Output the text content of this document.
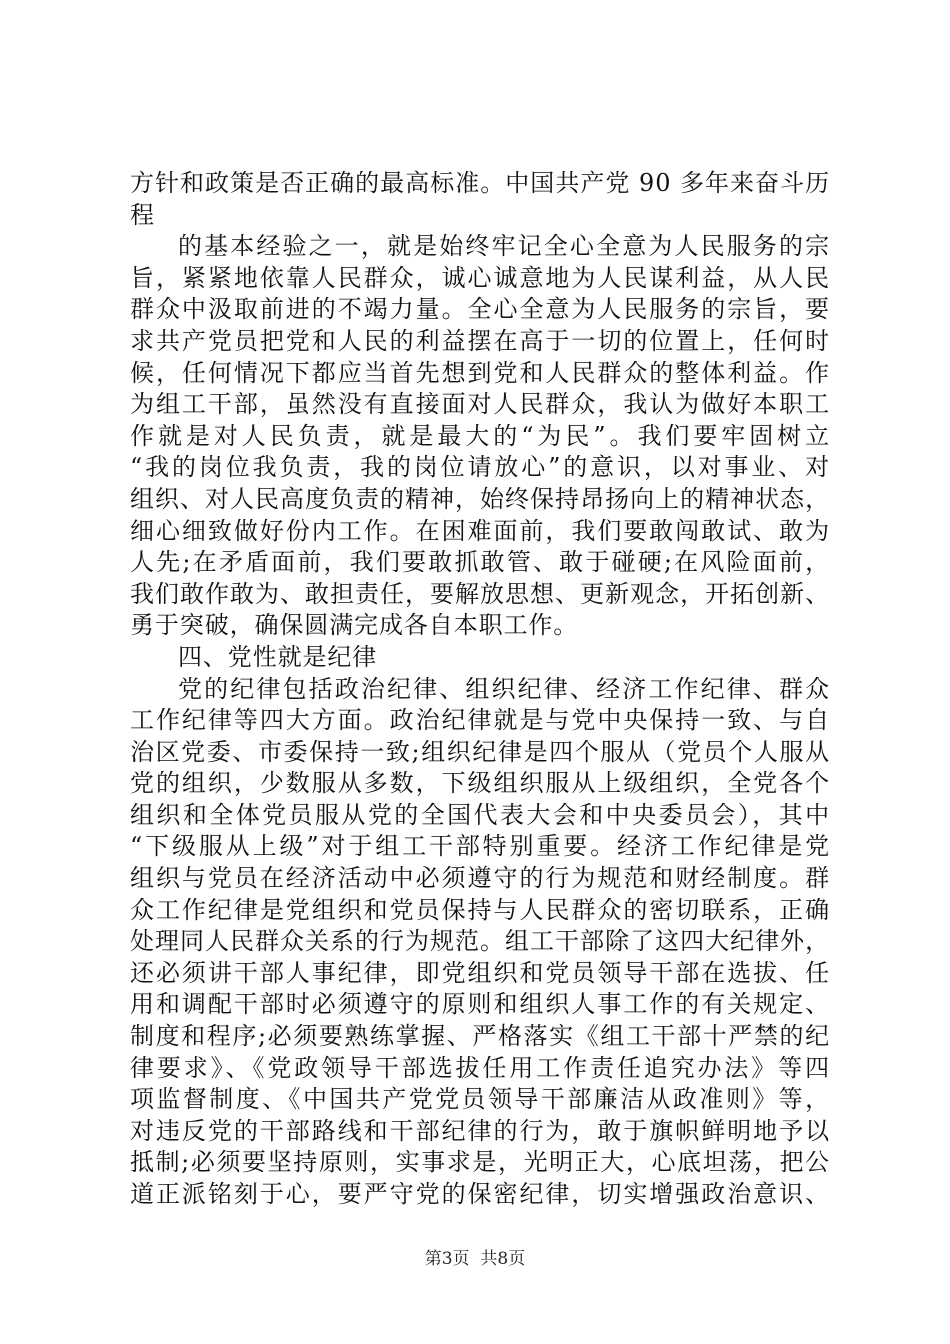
方针和政策是否正确的最高标准。中国共产党 90 多年来奋斗历
程
的基本经验之一，就是始终牢记全心全意为人民服务的宗
旨，紧紧地依靠人民群众，诚心诚意地为人民谋利益，从人民
群众中汲取前进的不竭力量。全心全意为人民服务的宗旨，要
求共产党员把党和人民的利益摆在高于一切的位置上，任何时
候，任何情况下都应当首先想到党和人民群众的整体利益。作
为组工干部，虽然没有直接面对人民群众，我认为做好本职工
作就是对人民负责，就是最大的“为民”。我们要牢固树立
“我的岗位我负责，我的岗位请放心”的意识，以对事业、对
组织、对人民高度负责的精神，始终保持昂扬向上的精神状态，
细心细致做好份内工作。在困难面前，我们要敢闯敢试、敢为
人先;在矛盾面前，我们要敢抓敢管、敢于碰硬;在风险面前，
我们敢作敢为、敢担责任，要解放思想、更新观念，开拓创新、
勇于突破，确保圆满完成各自本职工作。
四、党性就是纪律
党的纪律包括政治纪律、组织纪律、经济工作纪律、群众
工作纪律等四大方面。政治纪律就是与党中央保持一致、与自
治区党委、市委保持一致;组织纪律是四个服从（党员个人服从
党的组织，少数服从多数，下级组织服从上级组织，全党各个
组织和全体党员服从党的全国代表大会和中央委员会），其中
“下级服从上级”对于组工干部特别重要。经济工作纪律是党
组织与党员在经济活动中必须遵守的行为规范和财经制度。群
众工作纪律是党组织和党员保持与人民群众的密切联系，正确
处理同人民群众关系的行为规范。组工干部除了这四大纪律外，
还必须讲干部人事纪律，即党组织和党员领导干部在选拔、任
用和调配干部时必须遵守的原则和组织人事工作的有关规定、
制度和程序;必须要熟练掌握、严格落实《组工干部十严禁的纪
律要求》、《党政领导干部选拔任用工作责任追究办法》等四
项监督制度、《中国共产党党员领导干部廉洁从政准则》等，
对违反党的干部路线和干部纪律的行为，敢于旗帜鲜明地予以
抵制;必须要坚持原则，实事求是，光明正大，心底坦荡，把公
道正派铭刻于心，要严守党的保密纪律，切实增强政治意识、
第3页  共8页
